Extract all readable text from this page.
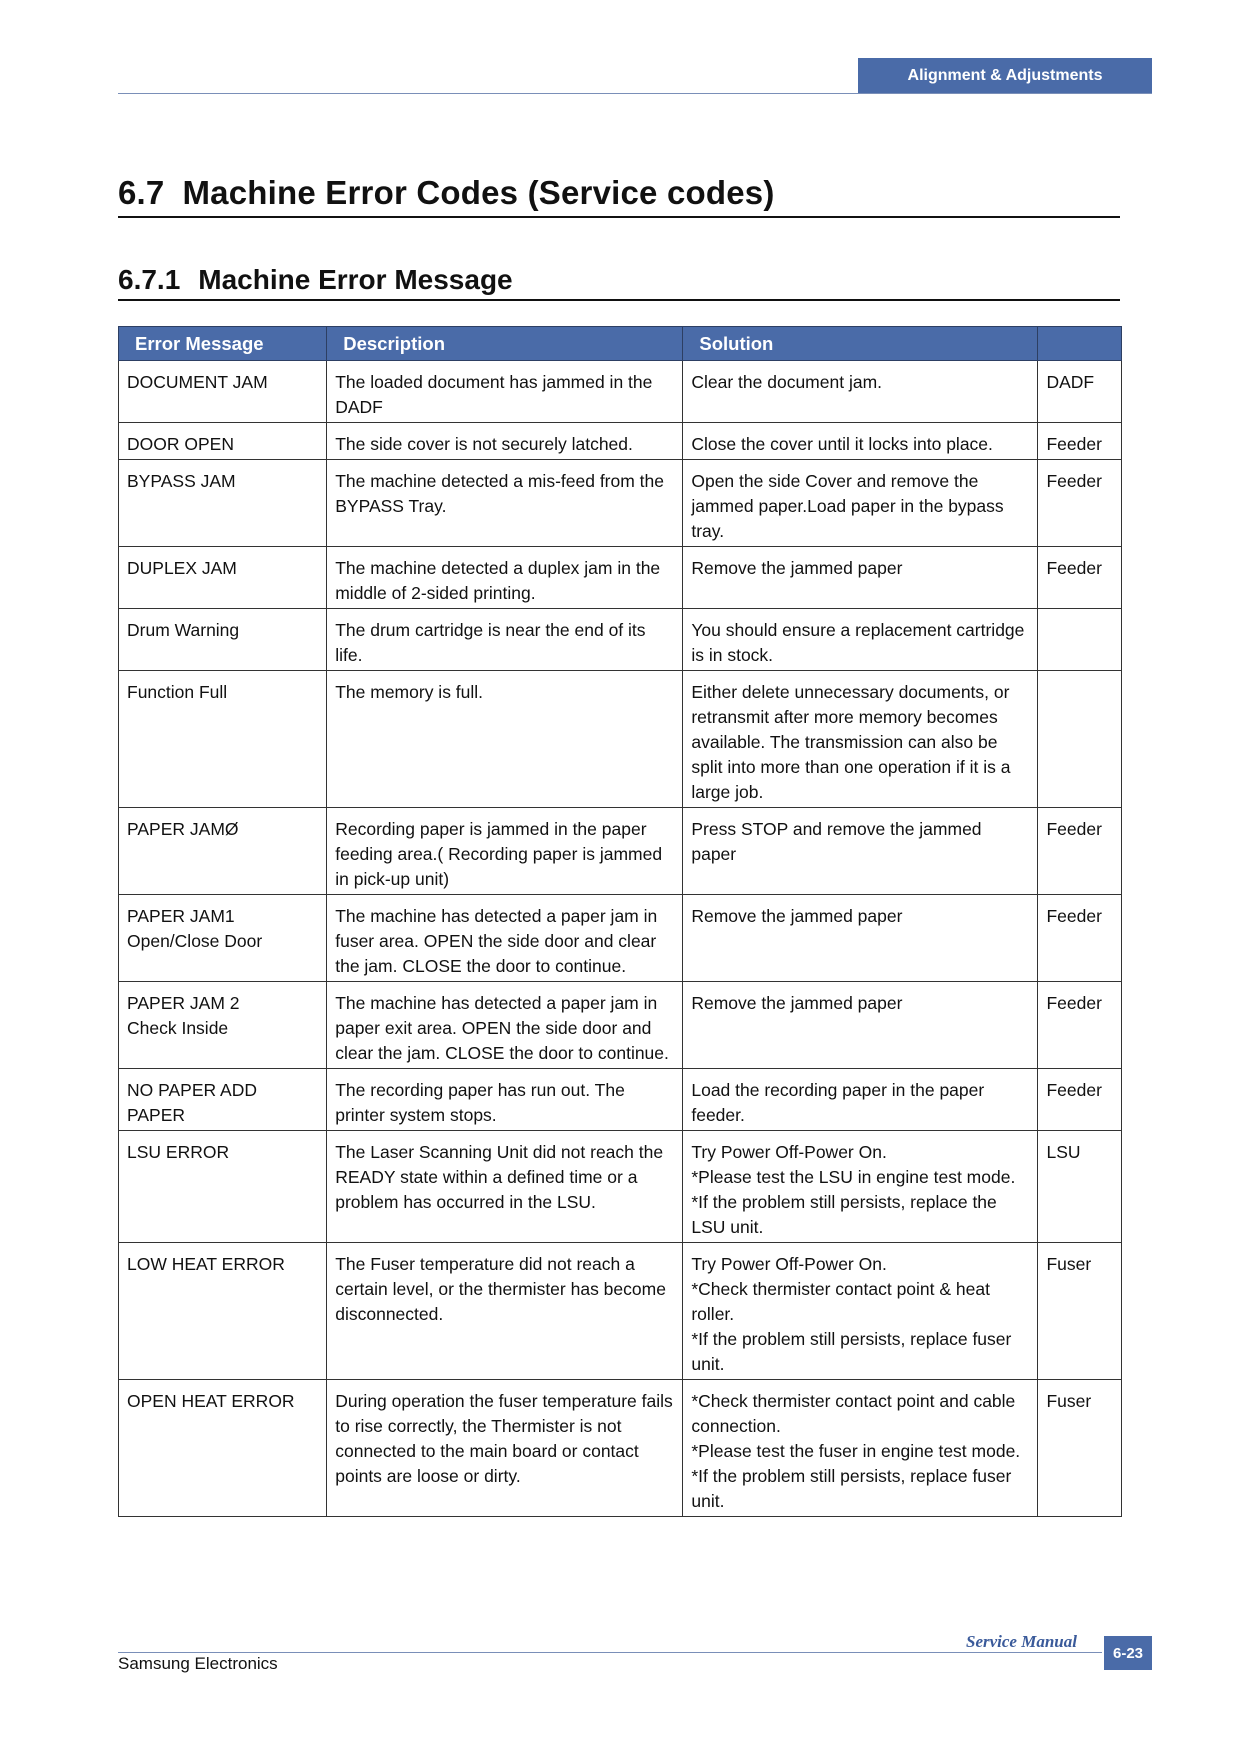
Alignment & Adjustments
6.7 Machine Error Codes (Service codes)
6.7.1 Machine Error Message
Error Message	Description	Solution	

DOCUMENT JAM	The loaded document has jammed in the DADF	Clear the document jam.	DADF

DOOR OPEN	The side cover is not securely latched.	Close the cover until it locks into place.	Feeder

BYPASS JAM	The machine detected a mis-feed from the BYPASS Tray.	Open the side Cover and remove the jammed paper.Load paper in the bypass tray.	Feeder

DUPLEX JAM	The machine detected a duplex jam in the middle of 2-sided printing.	Remove the jammed paper	Feeder

Drum Warning	The drum cartridge is near the end of its life.	You should ensure a replacement cartridge is in stock.	

Function Full	The memory is full.	Either delete unnecessary documents, or retransmit after more memory becomes available. The transmission can also be split into more than one operation if it is a large job.	

PAPER JAMØ	Recording paper is jammed in the paper feeding area.( Recording paper is jammed in pick-up unit)	Press STOP and remove the jammed paper	Feeder

PAPER JAM1
Open/Close Door	The machine has detected a paper jam in fuser area. OPEN the side door and clear the jam. CLOSE the door to continue.	Remove the jammed paper	Feeder

PAPER JAM 2
Check Inside	The machine has detected a paper jam in paper exit area. OPEN the side door and clear the jam. CLOSE the door to continue.	Remove the jammed paper	Feeder

NO PAPER ADD PAPER	The recording paper has run out. The printer system stops.	Load the recording paper in the paper feeder.	Feeder

LSU ERROR	The Laser Scanning Unit did not reach the READY state within a defined time or a problem has occurred in the LSU.	Try Power Off-Power On.
*Please test the LSU in engine test mode.
*If the problem still persists, replace the LSU unit.	LSU

LOW HEAT ERROR	The Fuser temperature did not reach a certain level, or the thermister has become disconnected.	Try Power Off-Power On.
*Check thermister contact point & heat roller.
*If the problem still persists, replace fuser unit.	Fuser

OPEN HEAT ERROR	During operation the fuser temperature fails to rise correctly, the Thermister is not connected to the main board or contact points are loose or dirty.	*Check thermister contact point and cable connection.
*Please test the fuser in engine test mode.
*If the problem still persists, replace fuser unit.	Fuser
Service Manual
6-23
Samsung Electronics
